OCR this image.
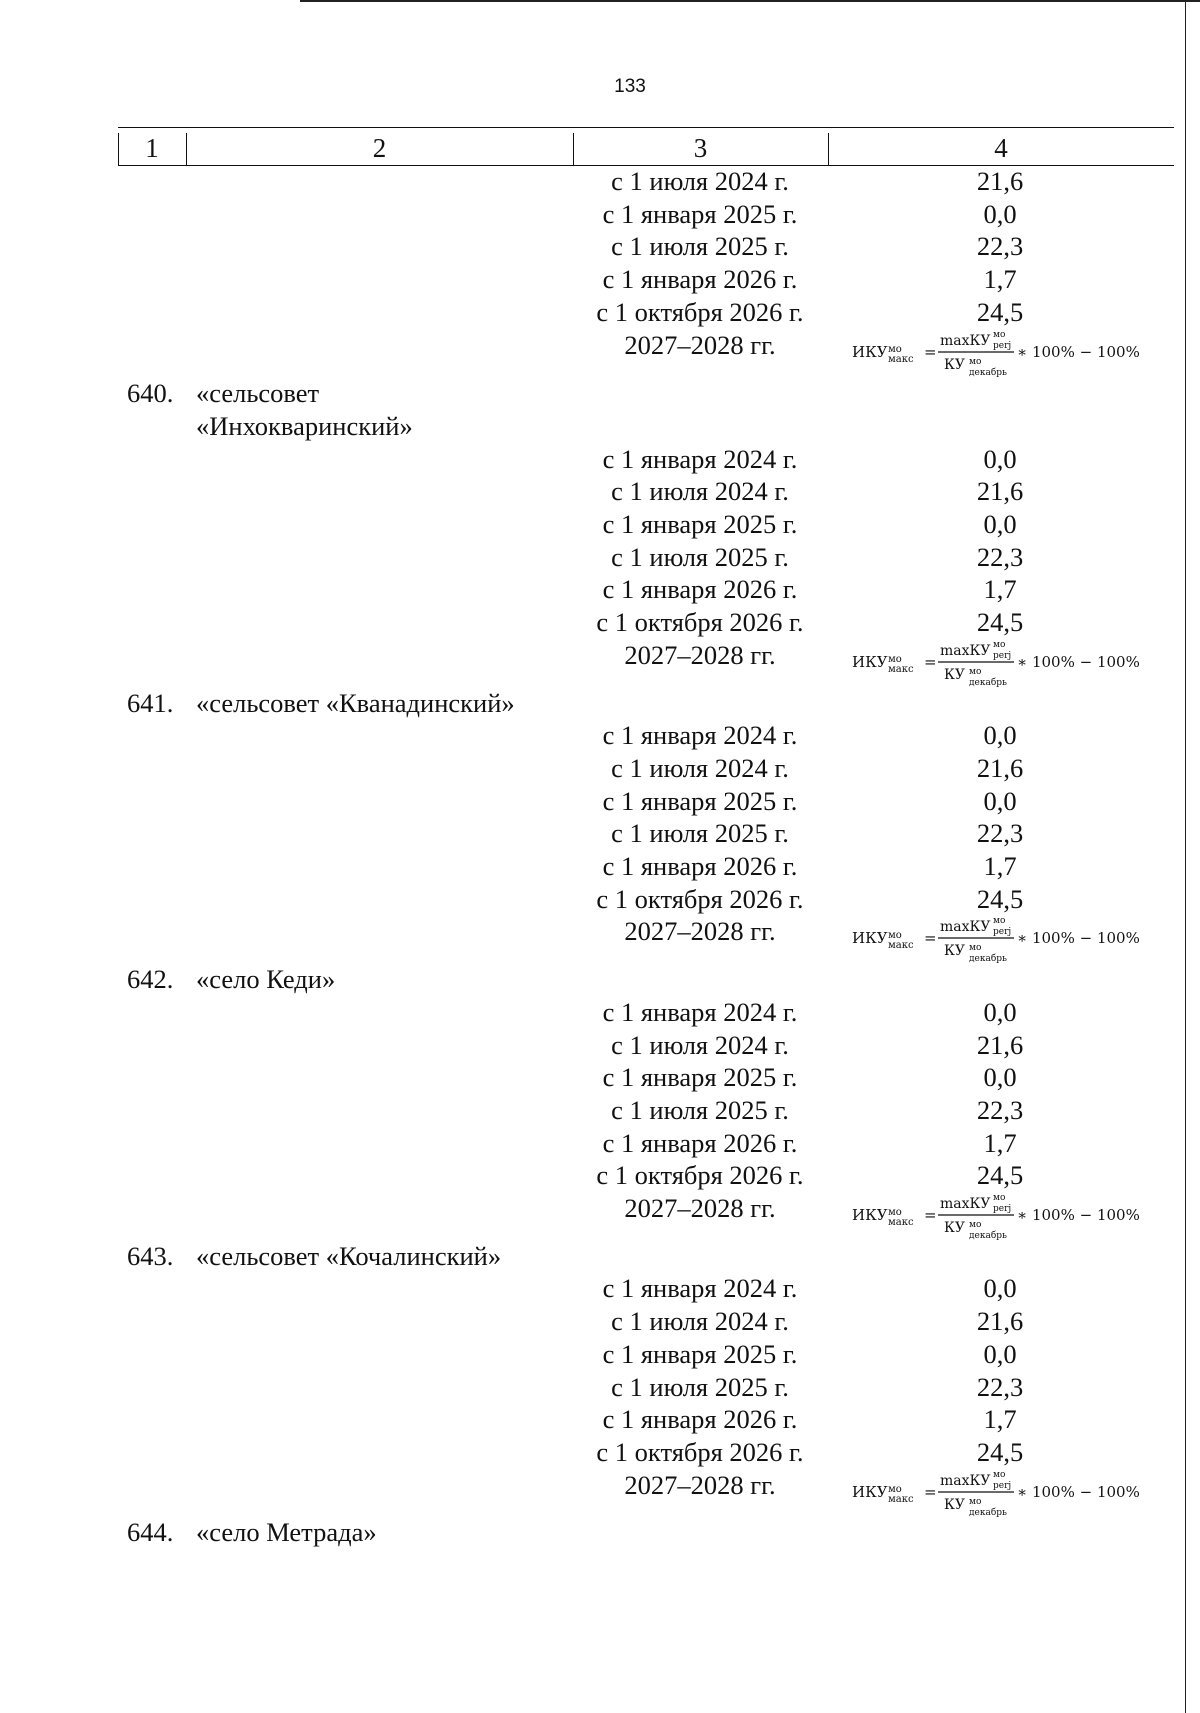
133
1	2	3	4
с 1 июля 2024 г.	21,6
с 1 января 2025 г.	0,0
с 1 июля 2025 г.	22,3
с 1 января 2026 г.	1,7
с 1 октября 2026 г.	24,5
2027–2028 гг.	ИКУ мо
макс =
maxКУ мо
perj
КУ мо
декабрь
∗ 100% − 100%
640. «сельсовет
«Инхокваринский»
с 1 января 2024 г.	0,0
с 1 июля 2024 г.	21,6
с 1 января 2025 г.	0,0
с 1 июля 2025 г.	22,3
с 1 января 2026 г.	1,7
с 1 октября 2026 г.	24,5
2027–2028 гг.	ИКУ мо
макс =
maxКУ мо
perj
КУ мо
декабрь
∗ 100% − 100%
641. «сельсовет «Кванадинский»
с 1 января 2024 г.	0,0
с 1 июля 2024 г.	21,6
с 1 января 2025 г.	0,0
с 1 июля 2025 г.	22,3
с 1 января 2026 г.	1,7
с 1 октября 2026 г.	24,5
2027–2028 гг.	ИКУ мо
макс =
maxКУ мо
perj
КУ мо
декабрь
∗ 100% − 100%
642. «село Кеди»
с 1 января 2024 г.	0,0
с 1 июля 2024 г.	21,6
с 1 января 2025 г.	0,0
с 1 июля 2025 г.	22,3
с 1 января 2026 г.	1,7
с 1 октября 2026 г.	24,5
2027–2028 гг.	ИКУ мо
макс =
maxКУ мо
perj
КУ мо
декабрь
∗ 100% − 100%
643. «сельсовет «Кочалинский»
с 1 января 2024 г.	0,0
с 1 июля 2024 г.	21,6
с 1 января 2025 г.	0,0
с 1 июля 2025 г.	22,3
с 1 января 2026 г.	1,7
с 1 октября 2026 г.	24,5
2027–2028 гг.	ИКУ мо
макс =
maxКУ мо
perj
КУ мо
декабрь
∗ 100% − 100%
644. «село Метрада»
